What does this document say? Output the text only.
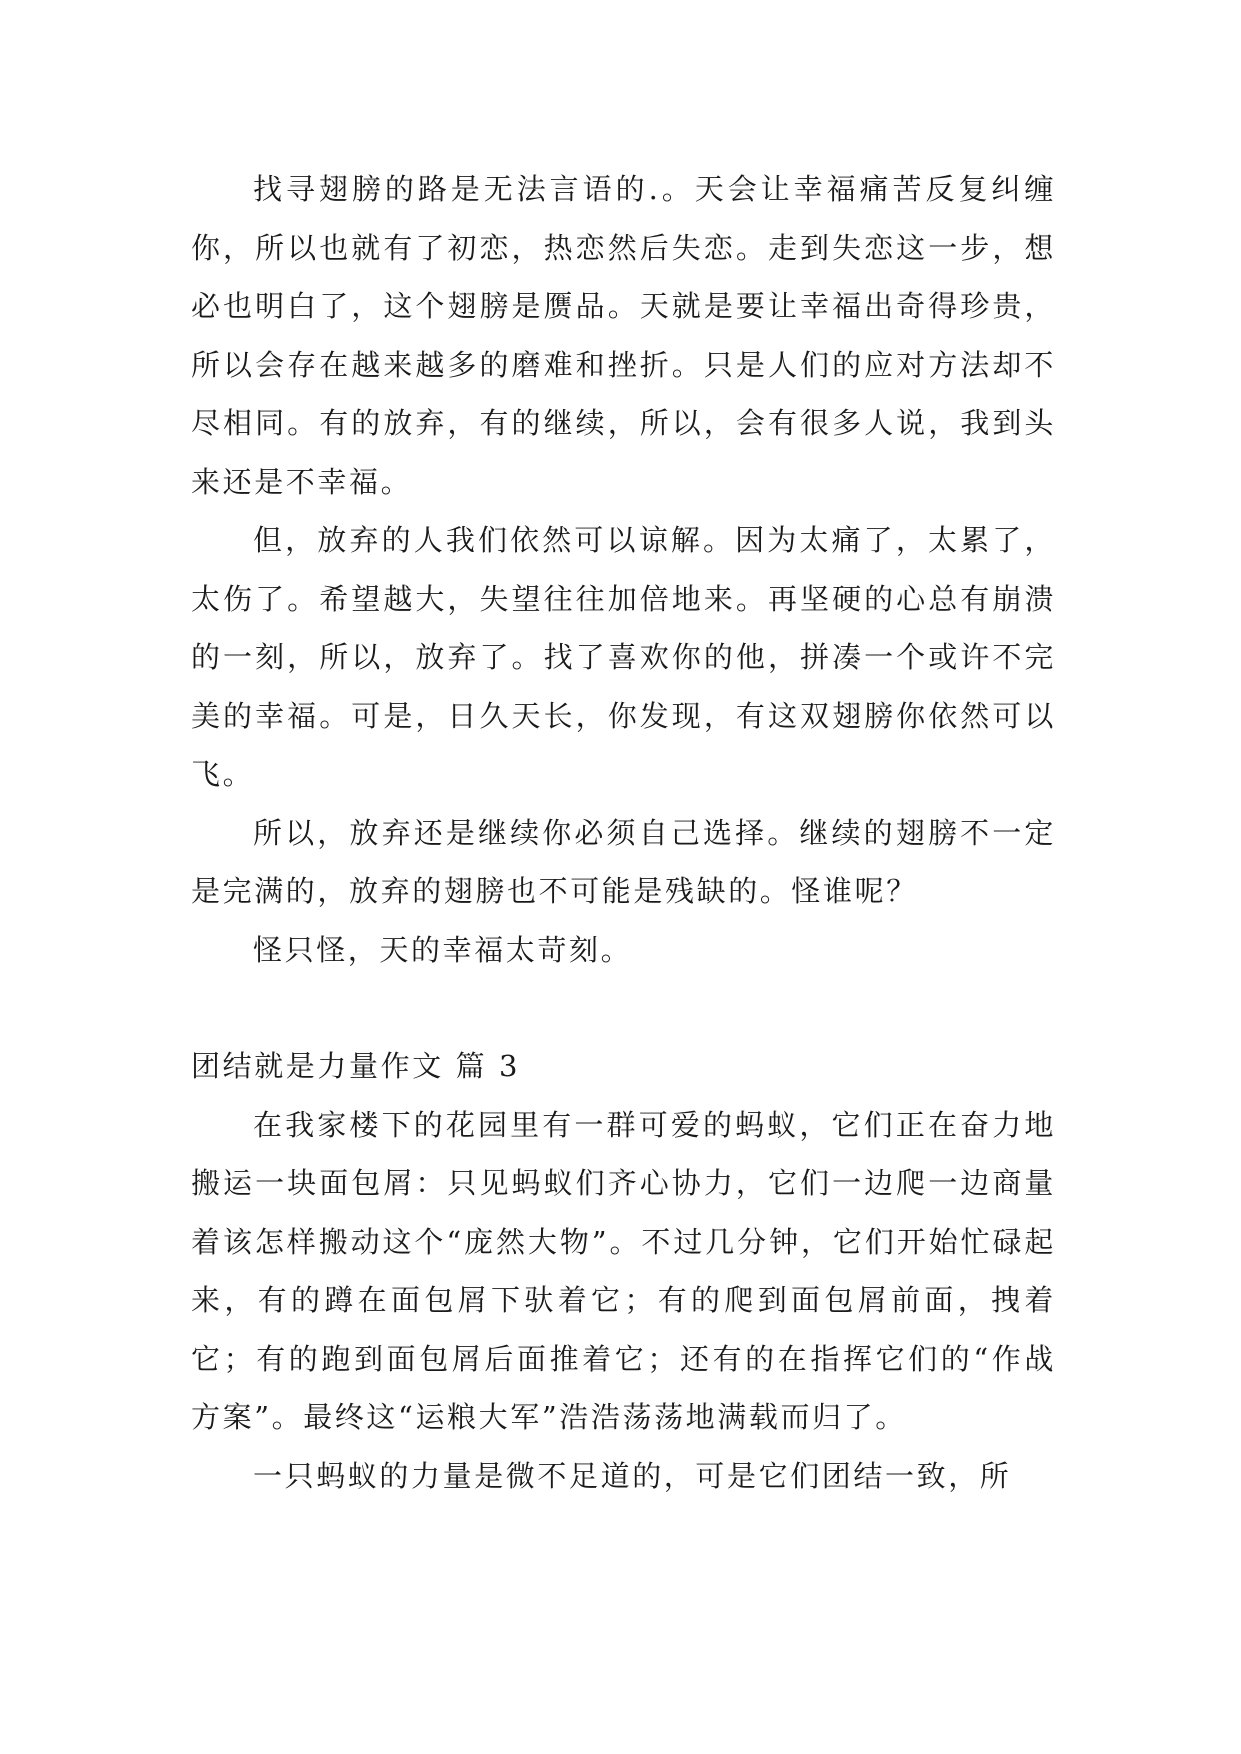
找寻翅膀的路是无法言语的.。天会让幸福痛苦反复纠缠你，所以也就有了初恋，热恋然后失恋。走到失恋这一步，想必也明白了，这个翅膀是赝品。天就是要让幸福出奇得珍贵，所以会存在越来越多的磨难和挫折。只是人们的应对方法却不尽相同。有的放弃，有的继续，所以，会有很多人说，我到头来还是不幸福。

但，放弃的人我们依然可以谅解。因为太痛了，太累了，太伤了。希望越大，失望往往加倍地来。再坚硬的心总有崩溃的一刻，所以，放弃了。找了喜欢你的他，拼凑一个或许不完美的幸福。可是，日久天长，你发现，有这双翅膀你依然可以飞。

所以，放弃还是继续你必须自己选择。继续的翅膀不一定是完满的，放弃的翅膀也不可能是残缺的。怪谁呢？

怪只怪，天的幸福太苛刻。

团结就是力量作文 篇 3

在我家楼下的花园里有一群可爱的蚂蚁，它们正在奋力地搬运一块面包屑：只见蚂蚁们齐心协力，它们一边爬一边商量着该怎样搬动这个“庞然大物”。不过几分钟，它们开始忙碌起来，有的蹲在面包屑下驮着它；有的爬到面包屑前面，拽着它；有的跑到面包屑后面推着它；还有的在指挥它们的“作战方案”。最终这“运粮大军”浩浩荡荡地满载而归了。

一只蚂蚁的力量是微不足道的，可是它们团结一致，所
